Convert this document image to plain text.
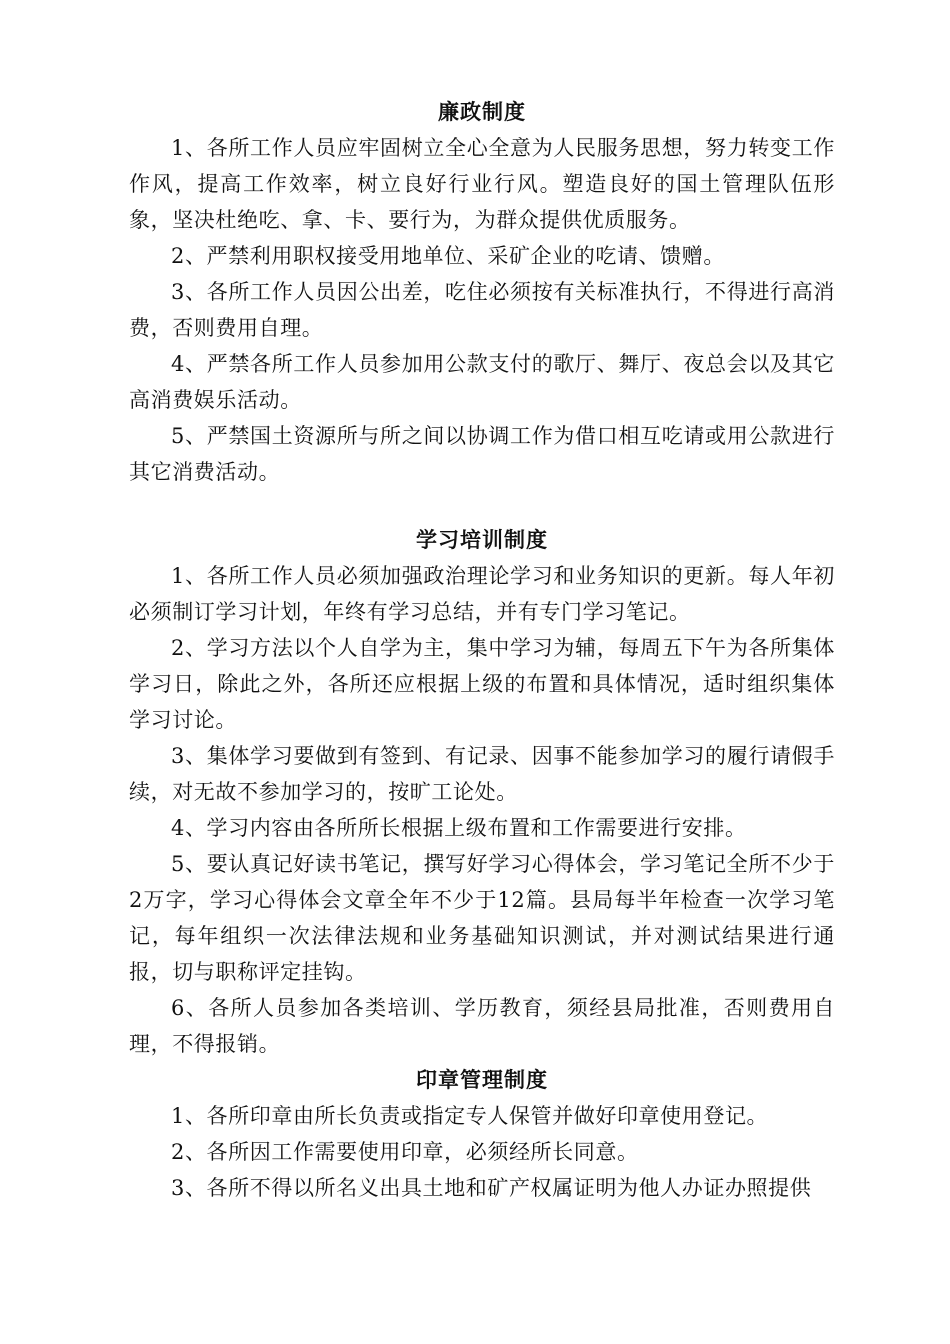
廉政制度

1、各所工作人员应牢固树立全心全意为人民服务思想，努力转变工作作风，提高工作效率，树立良好行业行风。塑造良好的国土管理队伍形象，坚决杜绝吃、拿、卡、要行为，为群众提供优质服务。

2、严禁利用职权接受用地单位、采矿企业的吃请、馈赠。

3、各所工作人员因公出差，吃住必须按有关标准执行，不得进行高消费，否则费用自理。

4、严禁各所工作人员参加用公款支付的歌厅、舞厅、夜总会以及其它高消费娱乐活动。

5、严禁国土资源所与所之间以协调工作为借口相互吃请或用公款进行其它消费活动。

学习培训制度

1、各所工作人员必须加强政治理论学习和业务知识的更新。每人年初必须制订学习计划，年终有学习总结，并有专门学习笔记。

2、学习方法以个人自学为主，集中学习为辅，每周五下午为各所集体学习日，除此之外，各所还应根据上级的布置和具体情况，适时组织集体学习讨论。

3、集体学习要做到有签到、有记录、因事不能参加学习的履行请假手续，对无故不参加学习的，按旷工论处。

4、学习内容由各所所长根据上级布置和工作需要进行安排。

5、要认真记好读书笔记，撰写好学习心得体会，学习笔记全所不少于2万字，学习心得体会文章全年不少于12篇。县局每半年检查一次学习笔记，每年组织一次法律法规和业务基础知识测试，并对测试结果进行通报，切与职称评定挂钩。

6、各所人员参加各类培训、学历教育，须经县局批准，否则费用自理，不得报销。

印章管理制度

1、各所印章由所长负责或指定专人保管并做好印章使用登记。

2、各所因工作需要使用印章，必须经所长同意。

3、各所不得以所名义出具土地和矿产权属证明为他人办证办照提供
